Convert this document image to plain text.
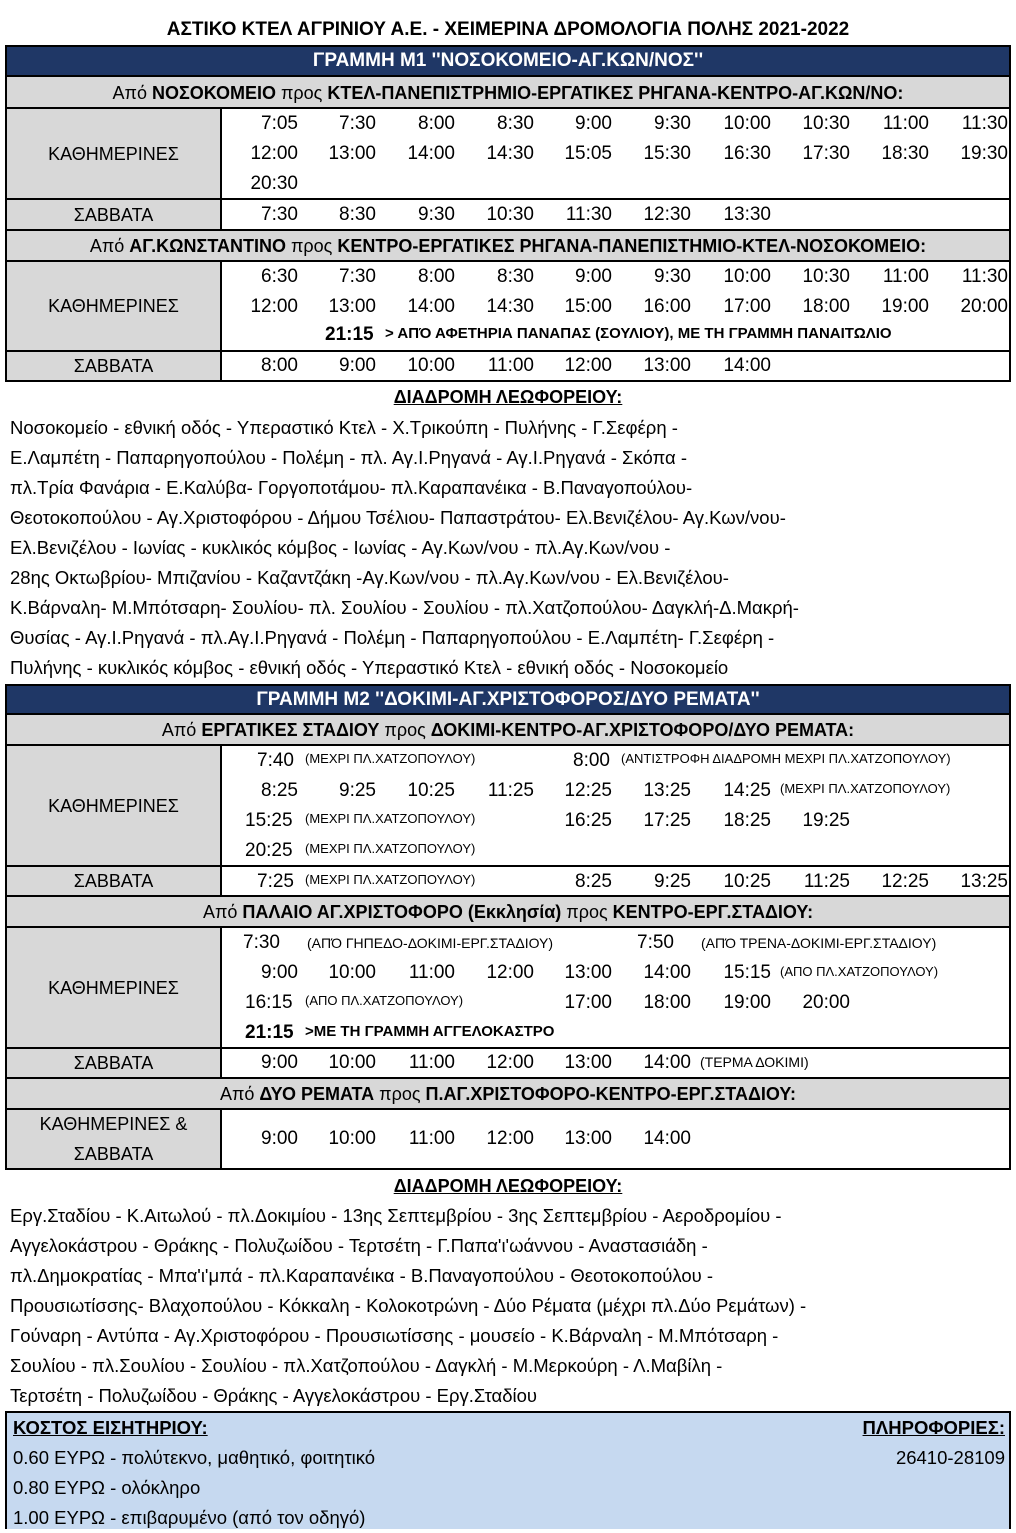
ΑΣΤΙΚΟ ΚΤΕΛ ΑΓΡΙΝΙΟΥ Α.Ε. - ΧΕΙΜΕΡΙΝΑ ΔΡΟΜΟΛΟΓΙΑ ΠΟΛΗΣ 2021-2022
ΓΡΑΜΜΗ Μ1 ''ΝΟΣΟΚΟΜΕΙΟ-ΑΓ.ΚΩΝ/ΝΟΣ''
Από ΝΟΣΟΚΟΜΕΙΟ προς ΚΤΕΛ-ΠΑΝΕΠΙΣΤΡΗΜΙΟ-ΕΡΓΑΤΙΚΕΣ ΡΗΓΑΝΑ-ΚΕΝΤΡΟ-ΑΓ.ΚΩΝ/ΝΟ:
ΚΑΘΗΜΕΡΙΝΕΣ
7:05 7:30 8:00 8:30 9:00 9:30 10:00 10:30 11:00 11:30
12:00 13:00 14:00 14:30 15:05 15:30 16:30 17:30 18:30 19:30
20:30
ΣΑΒΒΑΤΑ	7:30 8:30 9:30 10:30 11:30 12:30 13:30
Από ΑΓ.ΚΩΝΣΤΑΝΤΙΝΟ προς ΚΕΝΤΡΟ-ΕΡΓΑΤΙΚΕΣ ΡΗΓΑΝΑ-ΠΑΝΕΠΙΣΤΗΜΙΟ-ΚΤΕΛ-ΝΟΣΟΚΟΜΕΙΟ:
ΚΑΘΗΜΕΡΙΝΕΣ
6:30 7:30 8:00 8:30 9:00 9:30 10:00 10:30 11:00 11:30
12:00 13:00 14:00 14:30 15:00 16:00 17:00 18:00 19:00 20:00
21:15 > ΑΠΌ ΑΦΕΤΗΡΙΑ ΠΑΝΑΠΑΣ (ΣΟΥΛΙΟΥ), ΜΕ ΤΗ ΓΡΑΜΜΗ ΠΑΝΑΙΤΩΛΙΟ
ΣΑΒΒΑΤΑ	8:00 9:00 10:00 11:00 12:00 13:00 14:00
ΔΙΑΔΡΟΜΗ ΛΕΩΦΟΡΕΙΟΥ:
Νοσοκομείο - εθνική οδός - Υπεραστικό Κτελ - Χ.Τρικούπη - Πυλήνης - Γ.Σεφέρη -
Ε.Λαμπέτη - Παπαρηγοπούλου - Πολέμη - πλ. Αγ.Ι.Ρηγανά - Αγ.Ι.Ρηγανά - Σκόπα -
πλ.Τρία Φανάρια - Ε.Καλύβα- Γοργοποτάμου- πλ.Καραπανέικα - Β.Παναγοπούλου-
Θεοτοκοπούλου - Αγ.Χριστοφόρου - Δήμου Τσέλιου- Παπαστράτου- Ελ.Βενιζέλου- Αγ.Κων/νου-
Ελ.Βενιζέλου - Ιωνίας - κυκλικός κόμβος - Ιωνίας - Αγ.Κων/νου - πλ.Αγ.Κων/νου -
28ης Οκτωβρίου- Μπιζανίου - Καζαντζάκη -Αγ.Κων/νου - πλ.Αγ.Κων/νου - Ελ.Βενιζέλου-
Κ.Βάρναλη- Μ.Μπότσαρη- Σουλίου- πλ. Σουλίου - Σουλίου - πλ.Χατζοπούλου- Δαγκλή-Δ.Μακρή-
Θυσίας - Αγ.Ι.Ρηγανά - πλ.Αγ.Ι.Ρηγανά - Πολέμη - Παπαρηγοπούλου - Ε.Λαμπέτη- Γ.Σεφέρη -
Πυλήνης - κυκλικός κόμβος - εθνική οδός - Υπεραστικό Κτελ - εθνική οδός - Νοσοκομείο
ΓΡΑΜΜΗ Μ2 ''ΔΟΚΙΜΙ-ΑΓ.ΧΡΙΣΤΟΦΟΡΟΣ/ΔΥΟ ΡΕΜΑΤΑ''
Από ΕΡΓΑΤΙΚΕΣ ΣΤΑΔΙΟΥ προς ΔΟΚΙΜΙ-ΚΕΝΤΡΟ-ΑΓ.ΧΡΙΣΤΟΦΟΡΟ/ΔΥΟ ΡΕΜΑΤΑ:
ΚΑΘΗΜΕΡΙΝΕΣ
7:40 (ΜΕΧΡΙ ΠΛ.ΧΑΤΖΟΠΟΥΛΟΥ)	8:00 (ΑΝΤΙΣΤΡΟΦΗ ΔΙΑΔΡΟΜΗ ΜΕΧΡΙ ΠΛ.ΧΑΤΖΟΠΟΥΛΟΥ)
8:25 9:25 10:25 11:25 12:25 13:25 14:25 (ΜΕΧΡΙ ΠΛ.ΧΑΤΖΟΠΟΥΛΟΥ)
15:25 (ΜΕΧΡΙ ΠΛ.ΧΑΤΖΟΠΟΥΛΟΥ)	16:25 17:25 18:25 19:25
20:25 (ΜΕΧΡΙ ΠΛ.ΧΑΤΖΟΠΟΥΛΟΥ)
ΣΑΒΒΑΤΑ	7:25 (ΜΕΧΡΙ ΠΛ.ΧΑΤΖΟΠΟΥΛΟΥ)	8:25 9:25 10:25 11:25 12:25 13:25
Από ΠΑΛΑΙΟ ΑΓ.ΧΡΙΣΤΟΦΟΡΟ (Εκκλησία) προς ΚΕΝΤΡΟ-ΕΡΓ.ΣΤΑΔΙΟΥ:
ΚΑΘΗΜΕΡΙΝΕΣ
7:30 (ΑΠΌ ΓΗΠΕΔΟ-ΔΟΚΙΜΙ-ΕΡΓ.ΣΤΑΔΙΟΥ)	7:50 (ΑΠΌ ΤΡΕΝΑ-ΔΟΚΙΜΙ-ΕΡΓ.ΣΤΑΔΙΟΥ)
9:00 10:00 11:00 12:00 13:00 14:00 15:15 (ΑΠΟ ΠΛ.ΧΑΤΖΟΠΟΥΛΟΥ)
16:15 (ΑΠΟ ΠΛ.ΧΑΤΖΟΠΟΥΛΟΥ)	17:00 18:00 19:00 20:00
21:15 >ΜΕ ΤΗ ΓΡΑΜΜΗ ΑΓΓΕΛΟΚΑΣΤΡΟ
ΣΑΒΒΑΤΑ	9:00 10:00 11:00 12:00 13:00 14:00 (ΤΕΡΜΑ ΔΟΚΙΜΙ)
Από ΔΥΟ ΡΕΜΑΤΑ προς Π.ΑΓ.ΧΡΙΣΤΟΦΟΡΟ-ΚΕΝΤΡΟ-ΕΡΓ.ΣΤΑΔΙΟΥ:
ΚΑΘΗΜΕΡΙΝΕΣ &
ΣΑΒΒΑΤΑ
9:00 10:00 11:00 12:00 13:00 14:00
ΔΙΑΔΡΟΜΗ ΛΕΩΦΟΡΕΙΟΥ:
Εργ.Σταδίου - Κ.Αιτωλού - πλ.Δοκιμίου - 13ης Σεπτεμβρίου - 3ης Σεπτεμβρίου - Αεροδρομίου -
Αγγελοκάστρου - Θράκης - Πολυζωίδου - Τερτσέτη - Γ.Παπα'ι'ωάννου - Αναστασιάδη -
πλ.Δημοκρατίας - Μπα'ι'μπά - πλ.Καραπανέικα - Β.Παναγοπούλου - Θεοτοκοπούλου -
Προυσιωτίσσης- Βλαχοπούλου - Κόκκαλη - Κολοκοτρώνη - Δύο Ρέματα (μέχρι πλ.Δύο Ρεμάτων) -
Γούναρη - Αντύπα - Αγ.Χριστοφόρου - Προυσιωτίσσης - μουσείο - Κ.Βάρναλη - Μ.Μπότσαρη -
Σουλίου - πλ.Σουλίου - Σουλίου - πλ.Χατζοπούλου - Δαγκλή - Μ.Μερκούρη - Λ.Μαβίλη -
Τερτσέτη - Πολυζωίδου - Θράκης - Αγγελοκάστρου - Εργ.Σταδίου
ΚΟΣΤΟΣ ΕΙΣΗΤΗΡΙΟΥ:
0.60 ΕΥΡΩ - πολύτεκνο, μαθητικό, φοιτητικό
0.80 ΕΥΡΩ - ολόκληρο
1.00 ΕΥΡΩ - επιβαρυμένο (από τον οδηγό)
ΠΛΗΡΟΦΟΡΙΕΣ:
26410-28109
